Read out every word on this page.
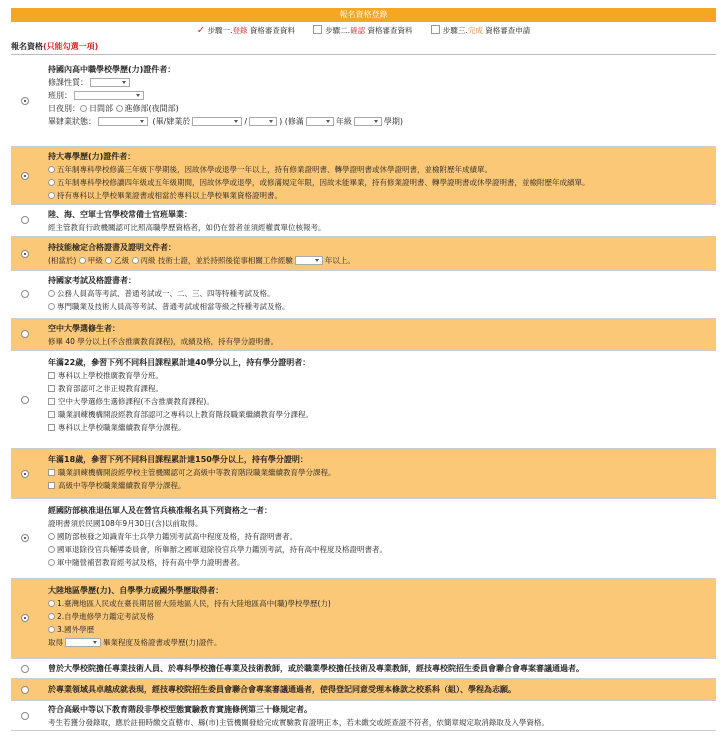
報名資格登錄
✓ 步驟一.登錄 資格審查資料	步驟二.確認 資格審查資料	步驟三.完成 資格審查申請
報名資格(只能勾選一項)
持國內高中職學校學歷(力)證件者：
修課性質：
班別：
日夜別： 日間部 進修部(夜間部)
畢肄業狀態：	(畢/肄業於	/	) (修滿	年級	學期)
持大專學歷(力)證件者：
五年制專科學校修滿三年級下學期後，因故休學或退學一年以上，持有修業證明書、轉學證明書或休學證明書，並檢附歷年成績單。
五年制專科學校修讀四年級或五年級期間，因故休學或退學，或修滿規定年限，因故未能畢業，持有修業證明書、轉學證明書或休學證明書，並檢附歷年成績單。
持有專科以上學校畢業證書或相當於專科以上學校畢業資格證明書。
陸、海、空軍士官學校常備士官班畢業：
經主管教育行政機關認可比照高職學歷資格者，如仍在營者並須經權責單位核報考。
持技能檢定合格證書及證明文件者：
(相當於) 甲級 乙級 丙級 技術士證，並於持照後從事相關工作經驗	年以上。
持國家考試及格證書者：
公務人員高等考試、普通考試或一、二、三、四等特種考試及格。
專門職業及技術人員高等考試、普通考試或相當等級之特種考試及格。
空中大學選修生者：
修畢 40 學分以上(不含推廣教育課程)，成績及格，持有學分證明書。
年滿22歲，參習下列不同科目課程累計達40學分以上，持有學分證明者：
專科以上學校推廣教育學分班。
教育部認可之非正規教育課程。
空中大學選修生選修課程(不含推廣教育課程)。
職業訓練機構開設經教育部認可之專科以上教育階段職業繼續教育學分課程。
專科以上學校職業繼續教育學分課程。
年滿18歲，參習下列不同科目課程累計達150學分以上，持有學分證明：
職業訓練機構開設經學校主管機關認可之高級中等教育階段職業繼續教育學分課程。
高級中等學校職業繼續教育學分課程。
經國防部核准退伍軍人及在營官兵核准報名具下列資格之一者：
證明書須於民國108年9月30日(含)以前取得。
國防部核發之知識青年士兵學力鑑別考試高中程度及格，持有證明書者。
國軍退除役官兵輔導委員會，所舉辦之國軍退除役官兵學力鑑別考試，持有高中程度及格證明書者。
軍中隨營補習教育經考試及格，持有高中學力證明書者。
大陸地區學歷(力)、自學學力或國外學歷取得者：
1.臺灣地區人民或在臺長期居留大陸地區人民，持有大陸地區高中(職)學校學歷(力)
2.自學進修學力鑑定考試及格
3.國外學歷
取得	畢業程度及格證書或學歷(力)證件。
曾於大學校院擔任專業技術人員、於專科學校擔任專業及技術教師，或於職業學校擔任技術及專業教師，經技專校院招生委員會聯合會專案審議通過者。
於專業領域具卓越成就表現，經技專校院招生委員會聯合會專案審議通過者，使得登記同意受理本條款之校系科（組）、學程為志願。
符合高級中等以下教育階段非學校型態實驗教育實施條例第三十條規定者。
考生若獲分發錄取，應於註冊時繳交直轄市、縣(市)主管機關發給完成實驗教育證明正本，若未繳交或經查證不符者，依簡章規定取消錄取及入學資格。
